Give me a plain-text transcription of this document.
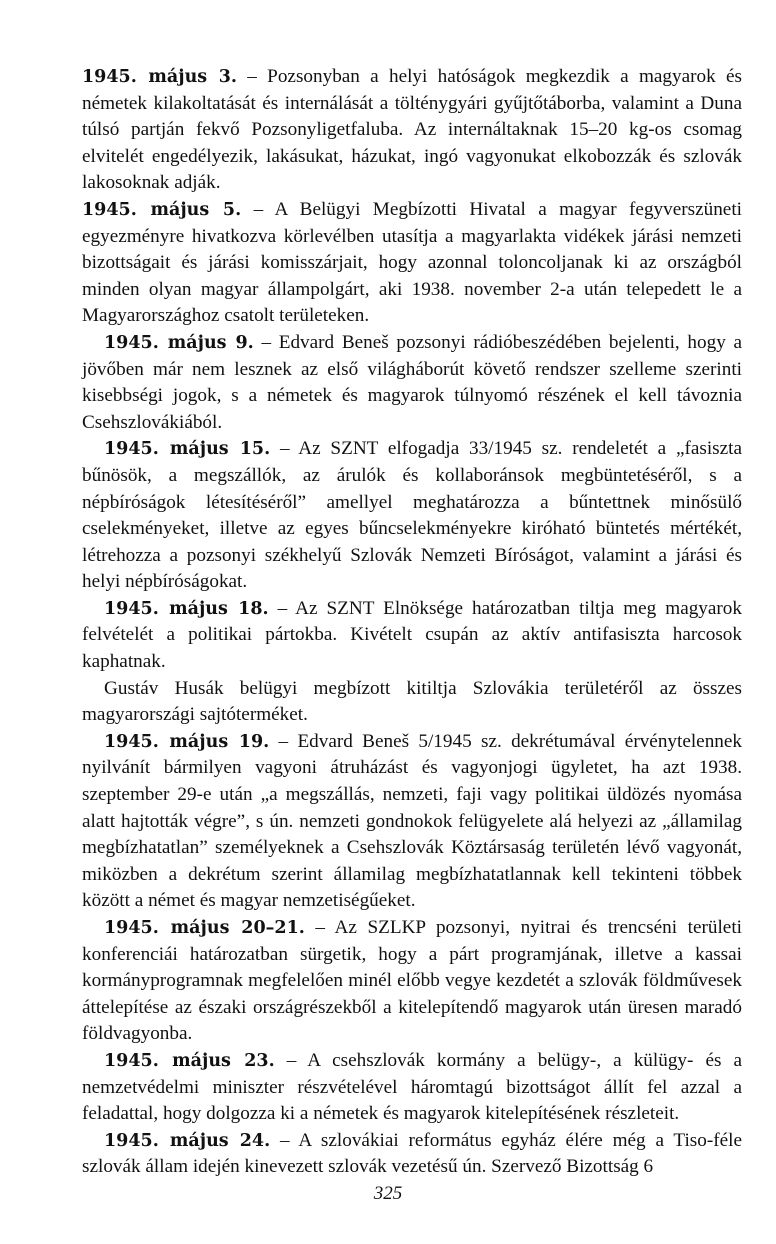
1945. május 3. – Pozsonyban a helyi hatóságok megkezdik a magyarok és németek kilakoltatását és internálását a tölténygyári gyűjtőtáborba, valamint a Duna túlsó partján fekvő Pozsonyligetfaluba. Az internáltaknak 15–20 kg-os csomag elvitelét engedélyezik, lakásukat, házukat, ingó vagyonukat elkobozzák és szlovák lakosoknak adják.

1945. május 5. – A Belügyi Megbízotti Hivatal a magyar fegyverszüneti egyezményre hivatkozva körlevélben utasítja a magyarlakta vidékek járási nemzeti bizottságait és járási komisszárjait, hogy azonnal toloncoljanak ki az országból minden olyan magyar állampolgárt, aki 1938. november 2-a után telepedett le a Magyarországhoz csatolt területeken.

1945. május 9. – Edvard Beneš pozsonyi rádióbeszédében bejelenti, hogy a jövőben már nem lesznek az első világháborút követő rendszer szelleme szerinti kisebbségi jogok, s a németek és magyarok túlnyomó részének el kell távoznia Csehszlovákiából.

1945. május 15. – Az SZNT elfogadja 33/1945 sz. rendeletét a „fasiszta bűnösök, a megszállók, az árulók és kollaboránsok megbüntetéséről, s a népbíróságok létesítéséről” amellyel meghatározza a bűntettnek minősülő cselekményeket, illetve az egyes bűncselekményekre kiróható büntetés mértékét, létrehozza a pozsonyi székhelyű Szlovák Nemzeti Bíróságot, valamint a járási és helyi népbíróságokat.

1945. május 18. – Az SZNT Elnöksége határozatban tiltja meg magyarok felvételét a politikai pártokba. Kivételt csupán az aktív antifasiszta harcosok kaphatnak.

Gustáv Husák belügyi megbízott kitiltja Szlovákia területéről az összes magyarországi sajtóterméket.

1945. május 19. – Edvard Beneš 5/1945 sz. dekrétumával érvénytelennek nyilvánít bármilyen vagyoni átruházást és vagyonjogi ügyletet, ha azt 1938. szeptember 29-e után „a megszállás, nemzeti, faji vagy politikai üldözés nyomása alatt hajtották végre”, s ún. nemzeti gondnokok felügyelete alá helyezi az „államilag megbízhatatlan” személyeknek a Csehszlovák Köztársaság területén lévő vagyonát, miközben a dekrétum szerint államilag megbízhatatlannak kell tekinteni többek között a német és magyar nemzetiségűeket.

1945. május 20–21. – Az SZLKP pozsonyi, nyitrai és trencséni területi konferenciái határozatban sürgetik, hogy a párt programjának, illetve a kassai kormányprogramnak megfelelően minél előbb vegye kezdetét a szlovák földművesek áttelepítése az északi országrészekből a kitelepítendő magyarok után üresen maradó földvagyonba.

1945. május 23. – A csehszlovák kormány a belügy-, a külügy- és a nemzetvédelmi miniszter részvételével háromtagú bizottságot állít fel azzal a feladattal, hogy dolgozza ki a németek és magyarok kitelepítésének részleteit.

1945. május 24. – A szlovákiai református egyház élére még a Tiso-féle szlovák állam idején kinevezett szlovák vezetésű ún. Szervező Bizottság 6

325
